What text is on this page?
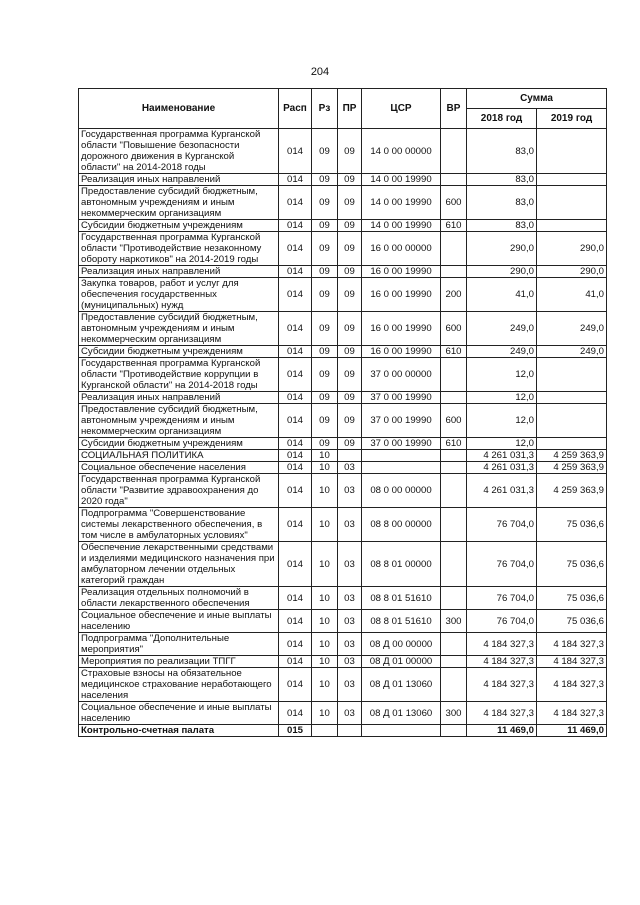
204
Наименование	Расп	Рз	ПР	ЦСР	ВР	Сумма	
						2018 год	2019 год
Государственная программа Курганской области "Повышение безопасности дорожного движения в Курганской области" на 2014-2018 годы	014	09	09	14 0 00 00000		83,0	
Реализация иных направлений	014	09	09	14 0 00 19990		83,0	
Предоставление субсидий бюджетным, автономным учреждениям и иным некоммерческим организациям	014	09	09	14 0 00 19990	600	83,0	
Субсидии бюджетным учреждениям	014	09	09	14 0 00 19990	610	83,0	
Государственная программа Курганской области "Противодействие незаконному обороту наркотиков" на 2014-2019 годы	014	09	09	16 0 00 00000		290,0	290,0
Реализация иных направлений	014	09	09	16 0 00 19990		290,0	290,0
Закупка товаров, работ и услуг для обеспечения государственных (муниципальных) нужд	014	09	09	16 0 00 19990	200	41,0	41,0
Предоставление субсидий бюджетным, автономным учреждениям и иным некоммерческим организациям	014	09	09	16 0 00 19990	600	249,0	249,0
Субсидии бюджетным учреждениям	014	09	09	16 0 00 19990	610	249,0	249,0
Государственная программа Курганской области "Противодействие коррупции в Курганской области" на 2014-2018 годы	014	09	09	37 0 00 00000		12,0	
Реализация иных направлений	014	09	09	37 0 00 19990		12,0	
Предоставление субсидий бюджетным, автономным учреждениям и иным некоммерческим организациям	014	09	09	37 0 00 19990	600	12,0	
Субсидии бюджетным учреждениям	014	09	09	37 0 00 19990	610	12,0	
СОЦИАЛЬНАЯ ПОЛИТИКА	014	10				4 261 031,3	4 259 363,9
Социальное обеспечение населения	014	10	03			4 261 031,3	4 259 363,9
Государственная программа Курганской области "Развитие здравоохранения до 2020 года"	014	10	03	08 0 00 00000		4 261 031,3	4 259 363,9
Подпрограмма "Совершенствование системы лекарственного обеспечения, в том числе в амбулаторных условиях"	014	10	03	08 8 00 00000		76 704,0	75 036,6
Обеспечение лекарственными средствами и изделиями медицинского назначения при амбулаторном лечении отдельных категорий граждан	014	10	03	08 8 01 00000		76 704,0	75 036,6
Реализация отдельных полномочий в области лекарственного обеспечения	014	10	03	08 8 01 51610		76 704,0	75 036,6
Социальное обеспечение и иные выплаты населению	014	10	03	08 8 01 51610	300	76 704,0	75 036,6
Подпрограмма "Дополнительные мероприятия"	014	10	03	08 Д 00 00000		4 184 327,3	4 184 327,3
Мероприятия по реализации ТПГГ	014	10	03	08 Д 01 00000		4 184 327,3	4 184 327,3
Страховые взносы на обязательное медицинское страхование неработающего населения	014	10	03	08 Д 01 13060		4 184 327,3	4 184 327,3
Социальное обеспечение и иные выплаты населению	014	10	03	08 Д 01 13060	300	4 184 327,3	4 184 327,3
Контрольно-счетная палата	015					11 469,0	11 469,0
